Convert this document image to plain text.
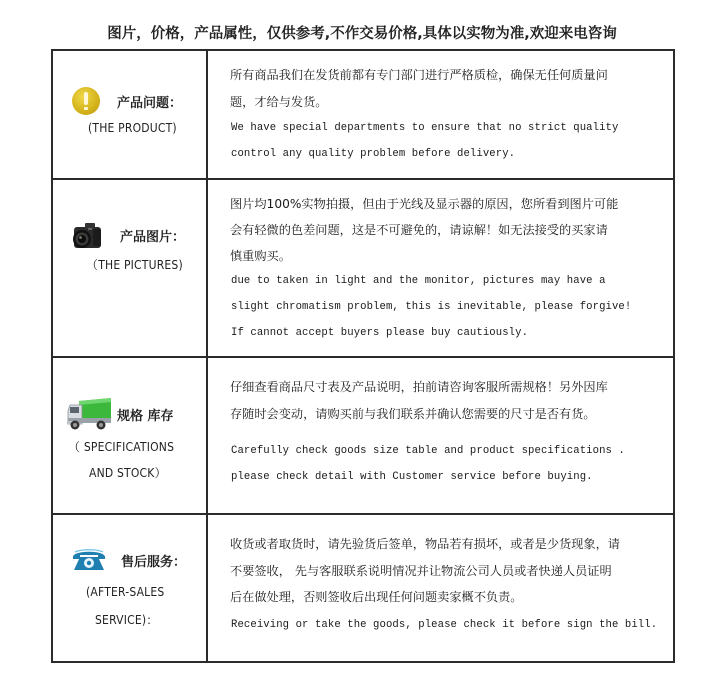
图片，价格，产品属性，仅供参考,不作交易价格,具体以实物为准,欢迎来电咨询
产品问题：
(THE PRODUCT)
所有商品我们在发货前都有专门部门进行严格质检，确保无任何质量问
题，才给与发货。
We have special departments to ensure that no strict quality
control any quality problem before delivery.
产品图片：
（THE PICTURES)
图片均100%实物拍摄，但由于光线及显示器的原因，您所看到图片可能
会有轻微的色差问题，这是不可避免的，请谅解！如无法接受的买家请
慎重购买。
due to taken in light and the monitor, pictures may have a
slight chromatism problem, this is inevitable, please forgive!
If cannot accept buyers please buy cautiously.
规格 库存
（ SPECIFICATIONS
AND STOCK）
仔细查看商品尺寸表及产品说明，拍前请咨询客服所需规格！另外因库
存随时会变动，请购买前与我们联系并确认您需要的尺寸是否有货。
Carefully check goods size table and product specifications .
please check detail with Customer service before buying.
售后服务：
(AFTER-SALES
SERVICE)：
收货或者取货时，请先验货后签单，物品若有损坏，或者是少货现象，请
不要签收， 先与客服联系说明情况并让物流公司人员或者快递人员证明
后在做处理，否则签收后出现任何问题卖家概不负责。
Receiving or take the goods, please check it before sign the bill.
